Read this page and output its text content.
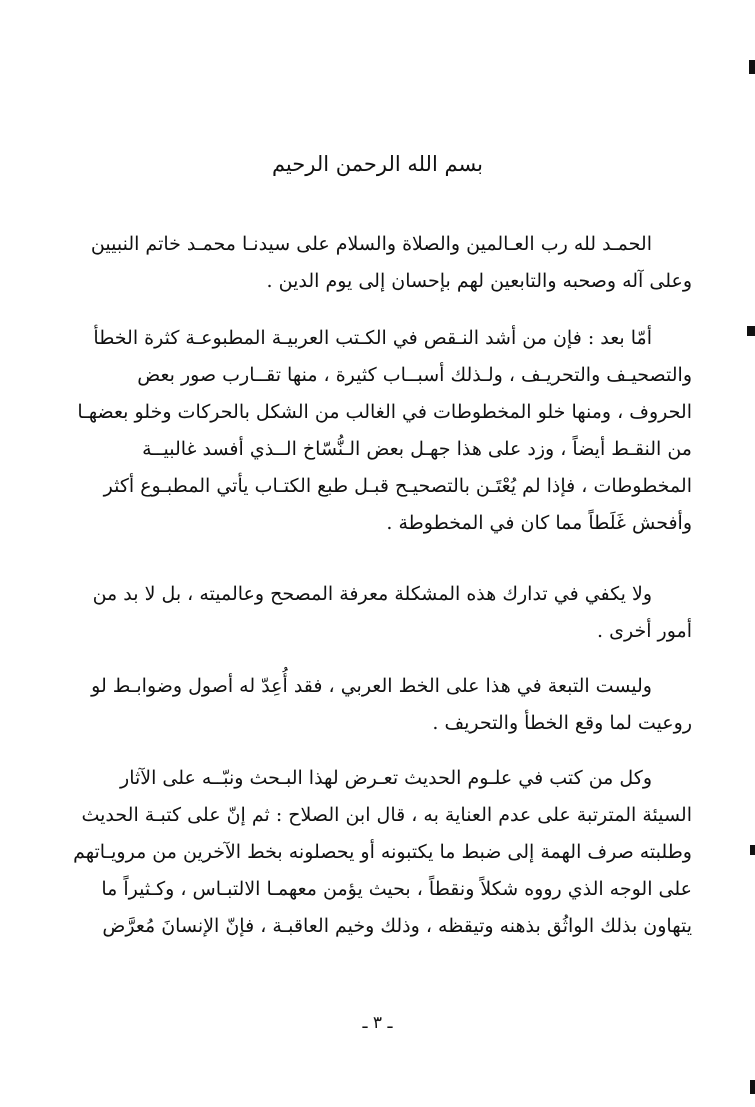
بسم الله الرحمن الرحيم

الحمـد لله رب العـالمين والصلاة والسلام على سيدنـا محمـد خاتم النبيين
وعلى آله وصحبه والتابعين لهم بإحسان إلى يوم الدين .

أمّا بعد : فإن من أشد النـقص في الكـتب العربيـة المطبوعـة كثرة الخطأ
والتصحيـف والتحريـف ، ولـذلك أسبــاب كثيرة ، منها تقــارب صور بعض
الحروف ، ومنها خلو المخطوطات في الغالب من الشكل بالحركات وخلو بعضهـا
من النقـط أيضاً ، وزد على هذا جهـل بعض الـنُّسّاخ الــذي أفسد غالبيــة
المخطوطات ، فإذا لم يُعْتَـن بالتصحيـح قبـل طبع الكتـاب يأتي المطبـوع أكثر
وأفحش غَلَطاً مما كان في المخطوطة .

ولا يكفي في تدارك هذه المشكلة معرفة المصحح وعالميته ، بل لا بد من
أمور أخرى .

وليست التبعة في هذا على الخط العربي ، فقد أُعِدّ له أصول وضوابـط لو
روعيت لما وقع الخطأ والتحريف .

وكل من كتب في علـوم الحديث تعـرض لهذا البـحث ونبّــه على الآثار
السيئة المترتبة على عدم العناية به ، قال ابن الصلاح : ثم إنّ على كتبـة الحديث
وطلبته صرف الهمة إلى ضبط ما يكتبونه أو يحصلونه بخط الآخرين من مرويـاتهم
على الوجه الذي رووه شكلاً ونقطاً ، بحيث يؤمن معهمـا الالتبـاس ، وكـثيراً ما
يتهاون بذلك الواثُق بذهنه وتيقظه ، وذلك وخيم العاقبـة ، فإنّ الإنسانَ مُعرَّض

ـ ٣ ـ
